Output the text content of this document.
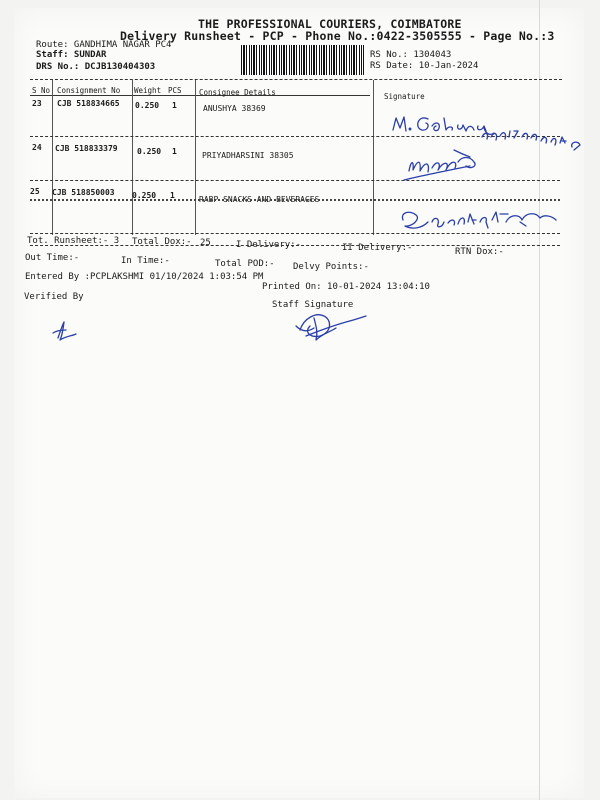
THE PROFESSIONAL COURIERS, COIMBATORE
Delivery Runsheet - PCP - Phone No.:0422-3505555 - Page No.:3
Route: GANDHIMA NAGAR PC4
Staff: SUNDAR
DRS No.: DCJB130404303
RS No.: 1304043
RS Date: 10-Jan-2024
S No Consignment No Weight PCS Consignee Details	Signature
23 CJB 518834665 0.250 1	ANUSHYA 38369
24 CJB 518833379 0.250 1	PRIYADHARSINI 38305
25 CJB 518850003 0.250 1	RABP SNACKS AND BEVERAGES
Tot. Runsheet:- 3 Total Dox:- 25	I Delivery:-	II Delivery:-	RTN Dox:-
Out Time:-	In Time:-	Total POD:- Delvy Points:-
Entered By :PCPLAKSHMI 01/10/2024 1:03:54 PM
Printed On: 10-01-2024 13:04:10
Verified By
Staff Signature
